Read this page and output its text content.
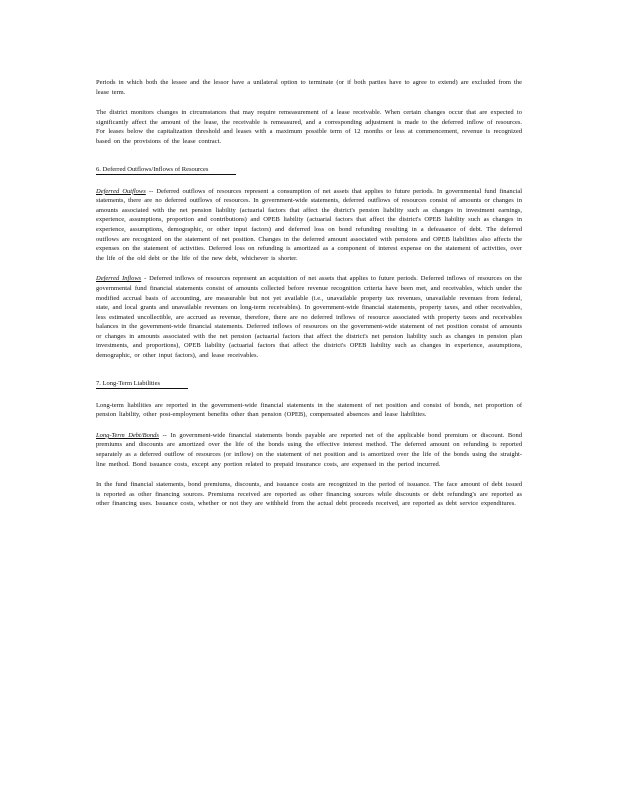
Periods in which both the lessee and the lessor have a unilateral option to terminate (or if both parties have to agree to extend) are excluded from the lease term.

The district monitors changes in circumstances that may require remeasurement of a lease receivable. When certain changes occur that are expected to significantly affect the amount of the lease, the receivable is remeasured, and a corresponding adjustment is made to the deferred inflow of resources. For leases below the capitalization threshold and leases with a maximum possible term of 12 months or less at commencement, revenue is recognized based on the provisions of the lease contract.

6. Deferred Outflows/Inflows of Resources

Deferred Outflows -- Deferred outflows of resources represent a consumption of net assets that applies to future periods. In governmental fund financial statements, there are no deferred outflows of resources. In government-wide statements, deferred outflows of resources consist of amounts or changes in amounts associated with the net pension liability (actuarial factors that affect the district's pension liability such as changes in investment earnings, experience, assumptions, proportion and contributions) and OPEB liability (actuarial factors that affect the district's OPEB liability such as changes in experience, assumptions, demographic, or other input factors) and deferred loss on bond refunding resulting in a defeasance of debt. The deferred outflows are recognized on the statement of net position. Changes in the deferred amount associated with pensions and OPEB liabilities also affects the expenses on the statement of activities. Deferred loss on refunding is amortized as a component of interest expense on the statement of activities, over the life of the old debt or the life of the new debt, whichever is shorter.

Deferred Inflows - Deferred inflows of resources represent an acquisition of net assets that applies to future periods. Deferred inflows of resources on the governmental fund financial statements consist of amounts collected before revenue recognition criteria have been met, and receivables, which under the modified accrual basis of accounting, are measurable but not yet available (i.e., unavailable property tax revenues, unavailable revenues from federal, state, and local grants and unavailable revenues on long-term receivables). In government-wide financial statements, property taxes, and other receivables, less estimated uncollectible, are accrued as revenue, therefore, there are no deferred inflows of resource associated with property taxes and receivables balances in the government-wide financial statements. Deferred inflows of resources on the government-wide statement of net position consist of amounts or changes in amounts associated with the net pension (actuarial factors that affect the district's net pension liability such as changes in pension plan investments, and proportions), OPEB liability (actuarial factors that affect the district's OPEB liability such as changes in experience, assumptions, demographic, or other input factors), and lease receivables.

7. Long-Term Liabilities

Long-term liabilities are reported in the government-wide financial statements in the statement of net position and consist of bonds, net proportion of pension liability, other post-employment benefits other than pension (OPEB), compensated absences and lease liabilities.

Long-Term Debt/Bonds -- In government-wide financial statements bonds payable are reported net of the applicable bond premium or discount. Bond premiums and discounts are amortized over the life of the bonds using the effective interest method. The deferred amount on refunding is reported separately as a deferred outflow of resources (or inflow) on the statement of net position and is amortized over the life of the bonds using the straight-line method. Bond issuance costs, except any portion related to prepaid insurance costs, are expensed in the period incurred.

In the fund financial statements, bond premiums, discounts, and issuance costs are recognized in the period of issuance. The face amount of debt issued is reported as other financing sources. Premiums received are reported as other financing sources while discounts or debt refunding's are reported as other financing uses. Issuance costs, whether or not they are withheld from the actual debt proceeds received, are reported as debt service expenditures.
